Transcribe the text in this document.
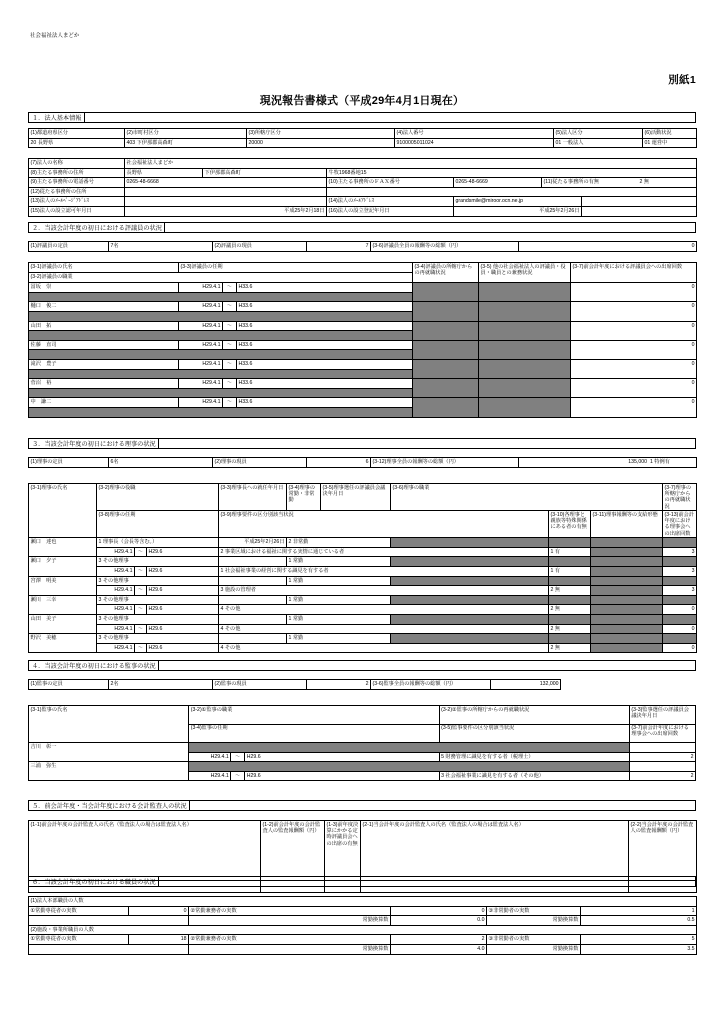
社会福祉法人まどか
別紙1
現況報告書様式（平成29年4月1日現在）
１．法人基本情報
(1)都道府県区分	(2)市町村区分	(3)所轄庁区分	(4)法人番号	(5)法人区分	(6)活動状況
20 長野県	403 下伊那郡高森町	20000	9100005011024	01 一般法人	01 運営中
(7)法人の名称	社会福祉法人まどか					
(8)主たる事務所の住所	長野県	下伊那郡高森町	牛牧1968番地15			
(9)主たる事務所の電話番号	0265-48-6668		(10)主たる事務所のＦＡＸ番号	0265-48-6669	(11)従たる事務所の有無 2 無	
(12)従たる事務所の住所						
(13)法人のﾒｰﾙﾍﾟｰｼﾞｱﾄﾞﾚｽ			(14)法人のﾒｰﾙｱﾄﾞﾚｽ	grandsmile@miroor.ocn.ne.jp		
(15)法人の設立認可年月日	平成25年2月18日		(16)法人の設立登記年月日	平成25年2月26日		
２．当該会計年度の初日における評議員の状況
(1)評議員の定員	7名	(2)評議員の現員	7	(3-6)評議員全員の報酬等の総額（円）	0
(3-1)評議員の氏名	(3-3)評議員の任期			(3-4)評議員の所轄庁からの再就職状況	(3-5) 他の社会福祉法人の評議員・役員・職員との兼務状況	(3-7)前会計年度における評議員会への出席回数
(3-2)評議員の職業						
冨坂　崇	H29.4.1	～	H33.6			0

樋口　俊二	H29.4.1	～	H33.6			0

山田　拓	H29.4.1	～	H33.6			0

佐藤　直司	H29.4.1	～	H33.6			0

滝沢　豊子	H29.4.1	～	H33.6			0

菅沼　裕	H29.4.1	～	H33.6			0

中　謙二	H29.4.1	～	H33.6			0

３．当該会計年度の初日における理事の状況
(1)理事の定員	6名	(2)理事の現員	6	(3-12)理事全員の報酬等の総額（円）	135,000	1 特例有
(3-1)理事の氏名	(3-2)理事の役職			(3-3)理事長への就任年月日	(3-4)理事の常勤・非常勤	(3-5)理事選任の評議員会議決年月日	(3-6)理事の職業			(3-7)理事の所轄庁からの再就職状況
	(3-8)理事の任期			(3-9)理事要件の区分別該当状況				(3-10)各理事と親族等特殊関係にある者の有無	(3-11)理事報酬等の支給形態	(3-13)前会計年度における理事会への出席回数
瀬口　達也	1 理事長（会長等含む。）			平成25年2月26日	2 非常勤					
	H29.4.1	～	H29.6	2 事業区域における福祉に関する実情に通じている者				1 有		3
瀬口　夕子	3 その他理事				1 常勤					
	H29.4.1	～	H29.6	1 社会福祉事業の経営に関する識見を有する者				1 有		3
宮澤　明美	3 その他理事				1 常勤					
	H29.4.1	～	H29.6	3 施設の管理者				2 無		3
瀬川　三幸	3 その他理事				1 常勤					
	H29.4.1	～	H29.6	4 その他				2 無		0
山田　美子	3 その他理事				1 常勤					
	H29.4.1	～	H29.6	4 その他				2 無		0
野沢　美穂	3 その他理事				1 常勤					
	H29.4.1	～	H29.6	4 その他				2 無		0
４．当該会計年度の初日における監事の状況
(1)監事の定員	2名	(2)監事の現員	2	(3-6)監事全員の報酬等の総額（円）	132,000
(3-1)監事の氏名	(3-2)①監事の職業			(3-2)②監事の所轄庁からの再就職状況	(3-3)監事選任の評議員会議決年月日
	(3-4)監事の任期			(3-5)監事要件の区分別該当状況	(3-7)前会計年度における理事会への出席回数
吉川　彰一					
	H29.4.1	～	H29.6	5 財務管理に識見を有する者（税理士）	2
三浦　弥生					
	H29.4.1	～	H29.6	3 社会福祉事業に識見を有する者（その他）	2
５．前会計年度・当会計年度における会計監査人の状況
(1-1)前会計年度の会計監査人の氏名（監査法人の場合は監査法人名）	(1-2)前会計年度の会計監査人の監査報酬額（円）	(1-3)前年度決算にかかる定時評議員会への出席の有無	(2-1)当会計年度の会計監査人の氏名（監査法人の場合は監査法人名）	(2-2)当会計年度の会計監査人の監査報酬額（円）

６．当該会計年度の初日における職員の状況
(1)法人本部職員の人数					
①常勤専従者の実数	0	②常勤兼務者の実数	0	③非常勤者の実数	1
		常勤換算数	0.0	常勤換算数	0.5
(2)施設・事業所職員の人数					
①常勤専従者の実数	18	②常勤兼務者の実数	2	③非常勤者の実数	5
		常勤換算数	4.0	常勤換算数	3.5
